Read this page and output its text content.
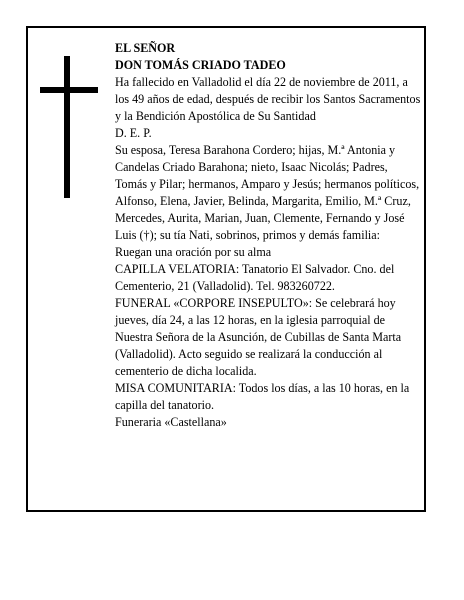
EL SEÑOR

DON TOMÁS CRIADO TADEO

Ha fallecido en Valladolid el día 22 de noviembre de 2011, a los 49 años de edad, después de recibir los Santos Sacramentos y la Bendición Apostólica de Su Santidad

D. E. P.

Su esposa, Teresa Barahona Cordero; hijas, M.ª Antonia y Candelas Criado Barahona; nieto, Isaac Nicolás; Padres, Tomás y Pilar; hermanos, Amparo y Jesús; hermanos políticos, Alfonso, Elena, Javier, Belinda, Margarita, Emilio, M.ª Cruz, Mercedes, Aurita, Marian, Juan, Clemente, Fernando y José Luis (†); su tía Nati, sobrinos, primos y demás familia:

Ruegan una oración por su alma

CAPILLA VELATORIA: Tanatorio El Salvador. Cno. del Cementerio, 21 (Valladolid). Tel. 983260722.

FUNERAL «CORPORE INSEPULTO»: Se celebrará hoy jueves, día 24, a las 12 horas, en la iglesia parroquial de Nuestra Señora de la Asunción, de Cubillas de Santa Marta (Valladolid). Acto seguido se realizará la conducción al cementerio de dicha localida.

MISA COMUNITARIA: Todos los días, a las 10 horas, en la capilla del tanatorio.

Funeraria «Castellana»
